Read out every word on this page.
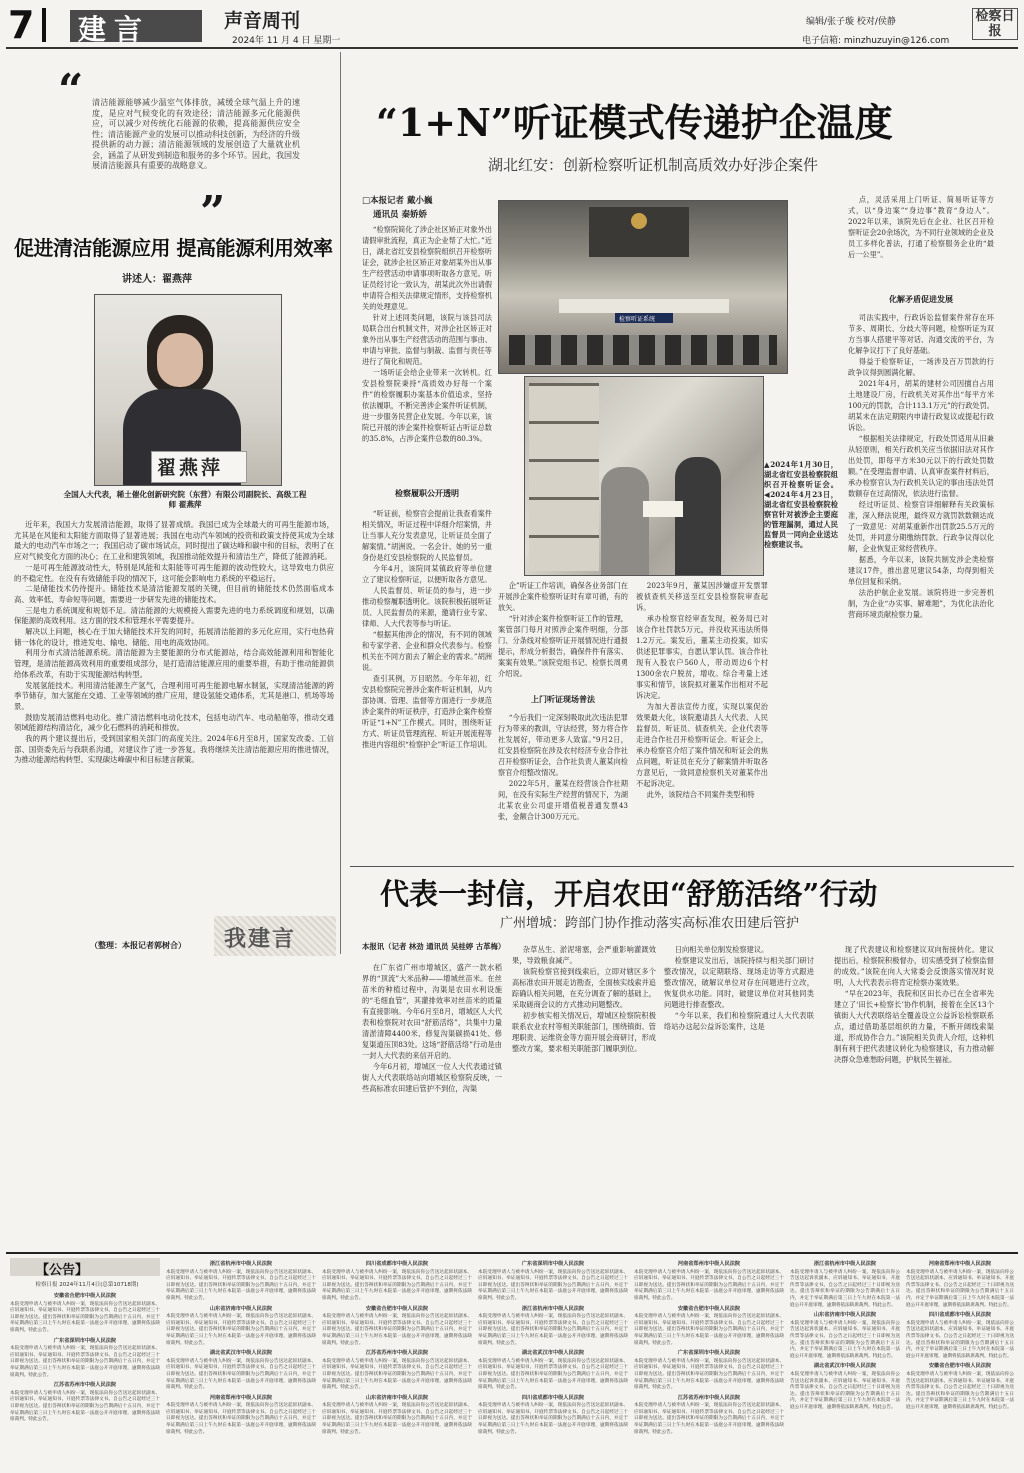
7	建言	声音周刊
2024年 11 月 4 日 星期一
编辑/张子璇 校对/侯静
电子信箱: minzhuzuyin@126.com
检察日报
“ 清洁能源能够减少温室气体排放，减缓全球气温上升的速度，是应对气候变化的有效途径；清洁能源多元化能源供应，可以减少对传统化石能源的依赖，提高能源供应安全性；清洁能源产业的发展可以推动科技创新，为经济的升级提供新的动力源；清洁能源领域的发展创造了大量就业机会，涵盖了从研发到制造和服务的多个环节。因此，我国发展清洁能源具有重要的战略意义。
”
促进清洁能源应用 提高能源利用效率
讲述人：翟燕萍
翟燕萍
全国人大代表，稀土催化创新研究院（东营）有限公司副院长、高级工程师 翟燕萍

近年来，我国大力发展清洁能源，取得了显著成绩。我国已成为全球最大的可再生能源市场，尤其是在风能和太阳能方面取得了显著进展；我国在电动汽车领域的投资和政策支持使其成为全球最大的电动汽车市场之一；我国启动了碳市场试点，同时提出了碳达峰和碳中和的目标，表明了在应对气候变化方面的决心；在工业和建筑领域，我国推动能效提升和清洁生产，降低了能源消耗。

一是可再生能源波动性大，特别是风能和太阳能等可再生能源的波动性较大，这导致电力供应的不稳定性。在没有有效储能手段的情况下，这可能会影响电力系统的平稳运行。

二是储能技术仍待提升。储能技术是清洁能源发展的关键，但目前的储能技术仍然面临成本高、效率低、寿命短等问题，需要进一步研发先进的储能技术。

三是电力系统调度和规划不足。清洁能源的大规模接入需要先进的电力系统调度和规划，以确保能源的高效利用。这方面的技术和管理水平需要提升。

解决以上问题，核心在于加大储能技术开发的同时，拓展清洁能源的多元化应用，实行电热荷储一体化的设计，推进发电、输电、储能、用电的高效协同。

利用分布式清洁能源系统。清洁能源为主要能源的分布式能源站，结合高效能源利用和智能化管理，是清洁能源高效利用的重要组成部分，是打造清洁能源应用的重要举措，有助于推动能源供给体系改革，有助于实现能源结构转型。

发展氢能技术。利用清洁能源生产氢气，合理利用可再生能源电解水制氢，实现清洁能源的跨季节储存，加大氢能在交通、工业等领域的推广应用，建设氢能交通体系，尤其是港口、机场等场景。

鼓励发展清洁燃料电动化。推广清洁燃料电动化技术，包括电动汽车、电动船舶等，推动交通领域能源结构清洁化，减少化石燃料的消耗和排放。

我的两个建议提出后，受到国家相关部门的高度关注。2024年6月至8月，国家发改委、工信部、国资委先后与我联系沟通，对建议作了进一步答复。我将继续关注清洁能源应用的推进情况，为推动能源结构转型、实现碳达峰碳中和目标建言献策。

（整理：本报记者郭树合） 我建言
“1+N”听证模式传递护企温度
湖北红安：创新检察听证机制高质效办好涉企案件
□本报记者 戴小巍
通讯员 秦娇娇

“检察院简化了涉企社区矫正对象外出请假审批流程，真正为企业帮了大忙。”近日，湖北省红安县检察院组织召开检察听证会，就涉企社区矫正对象胡某外出从事生产经营活动申请事项听取各方意见。听证员经讨论一致认为，胡某此次外出请假申请符合相关法律规定情形，支持检察机关的处理意见。

针对上述同类问题，该院与该县司法局联合出台机制文件，对涉企社区矫正对象外出从事生产经营活动的范围与事由、申请与审批、监督与制裁、监督与责任等进行了简化和规范。

一场听证会给企业带来一次转机。红安县检察院秉持“高质效办好每一个案件”的检察履职办案基本价值追求，坚持依法履职，不断完善涉企案件听证机制，进一步服务民营企业发展。今年以来，该院已开展的涉企案件检察听证占听证总数的35.8%，占涉企案件总数的80.3%。

检察履职公开透明

“听证前，检察官会提前让我查看案件相关情况，听证过程中详细介绍案情，并让当事人充分发表意见，让听证员全面了解案情。”胡洲说。一名会计、她的另一重身份是红安县检察院的人民监督员。

今年4月，该院同某镇政府等单位建立了建议检察听证，以便听取各方意见。

人民监督员、听证员的参与，进一步推动检察履职透明化。该院积极拓展听证员、人民监督员的来源，邀请行业专家、律师、人大代表等参与听证。

“根据其他涉企的情况，有不同的领域和专家学者、企业和群众代表参与。检察机关在不同方面去了解企业的需求。”胡洲说。

查引其例，万目昭然。今年年初，红安县检察院完善涉企案件听证机制，从内部协调、管理、监督等方面进行一步规范涉企案件的听证秩序，打造涉企案件检察听证“1+N”工作模式。同时，围绕听证方式、听证员管理流程、听证开展流程等推进内容组织“检察护企”听证工作培训。

检察听证系统
▲2024年1月30日，湖北省红安县检察院组织召开检察听证会。 ◀2024年4月23日，湖北省红安县检察院检察官针对被涉企主要庭的管理漏洞，通过人民监督员一同向企业送达检察建议书。

企”听证工作培训，确保各业务部门在开展涉企案件检察听证时有章可循，有的放矢。

“针对涉企案件检察听证工作的管理，案管部门每月对照涉企案件明细，分部门、分条线对检察听证开展情况进行通报提示，形成分析报告，确保件件有落实、案案有效果。”该院党组书记、检察长周勇介绍说。

上门听证现场普法

“今后我们一定深刻吸取此次违法犯罪行为带来的教训，守法经营，努力将合作社发展好，带动更多人致富。”9月2日，红安县检察院在涉及农村经济专业合作社召开检察听证会，合作社负责人董某向检察官介绍整改情况。

2022年5月，董某在经营该合作社期间，在没有实际生产经营的情况下，为湖北某农业公司虚开增值税普通发票43张，金额合计300万元元。

2023年9月，董某因涉嫌虚开发票罪被侦查机关移送至红安县检察院审查起诉。

承办检察官经审查发现，税务局已对该合作社罚款5万元，并没收其违法所得1.2万元。案发后，董某主动投案，如实供述犯罪事实，自愿认罪认罚。该合作社现有入股农户560人，带动周边6个村1300余农户脱贫，增收。综合考量上述事实和情节，该院拟对董某作出相对不起诉决定。

为加大普法宣传力度，实现以案促治效果最大化，该院邀请县人大代表、人民监督员、听证员、侦查机关、企业代表等走进合作社召开检察听证会。听证会上，承办检察官介绍了案件情况和听证会的焦点问题，听证员在充分了解案情并听取各方意见后，一致同意检察机关对董某作出不起诉决定。

此外，该院结合不同案件类型和特

点，灵活采用上门听证、简易听证等方式，以“身边案”“身边事”教育“身边人”。2022年以来，该院先后在企业、社区召开检察听证会20余场次，为不同行业领域的企业及员工多样化普法，打通了检察服务企业的“最后一公里”。

化解矛盾促进发展

司法实践中，行政诉讼监督案件常存在环节多、周期长、分歧大等问题，检察听证为双方当事人搭建平等对话、沟通交流的平台，为化解争议打下了良好基础。

得益于检察听证，一场涉及百万罚款的行政争议得到圆满化解。

2021年4月，胡某的建材公司因擅自占用土地建设厂房，行政机关对其作出“每平方米100元的罚款，合计113.1万元”的行政处罚。胡某未在法定期限内申请行政复议或提起行政诉讼。

“根据相关法律规定，行政处罚适用从旧兼从轻原则，相关行政机关应当依据旧法对其作出处罚，即每平方米30元以下的行政处罚数额。”在受理监督申请、认真审查案件材料后，承办检察官认为行政机关认定的事由违法处罚数额存在过高情况，依法进行监督。

经过听证员、检察官详细解释有关政策标准，深入释法说理，最终双方就罚款数额达成了一致意见：对胡某重新作出罚款25.5万元的处罚，并同意分期缴纳罚款。行政争议得以化解，企业恢复正常经营秩序。

据悉，今年以来，该院共制发涉企类检察建议17件，推出意见建议54条，均得到相关单位回复和采纳。

法治护航企业发展。该院将进一步完善机制，为企业“办实事、解难题”，为优化法治化营商环境贡献检察力量。

代表一封信，开启农田“舒筋活络”行动
广州增城：跨部门协作推动落实高标准农田建后管护
本报讯（记者 林劲 通讯员 吴桂婷 古革梅）

在广东省广州市增城区，盛产一款水稻界的“顶流”大米品种——增城丝苗米。在丝苗米的种植过程中，沟渠是农田水利设施的“毛细血管”，其灌排效率对丝苗米的质量有直接影响。今年6月至8月，增城区人大代表和检察院对农田“舒筋活络”，共集中力量清淤清障4400米、修复沟渠碳损41处、修复渠道压顶83处。这场“舒筋活络”行动是由一封人大代表的来信开启的。

今年6月初，增城区一位人大代表通过镇街人大代表联络站向增城区检察院反映，一些高标准农田建后管护不到位，沟渠

杂草丛生、淤泥堵塞，会严重影响灌溉效果，导致粮食减产。

该院检察官接到线索后，立即对辖区多个高标准农田开展走访勘查，全面核实线索并追踪确认相关问题，在充分调查了解的基础上，采取磋商会议的方式推动问题整改。

初步核实相关情况后，增城区检察院积极联系农业农村等相关职能部门，围绕镇街、管理职责、运维资金等方面开展会商研讨，形成整改方案，要求相关职能部门履职到位。

日向相关单位制发检察建议。

检察建议发出后，该院持续与相关部门研讨整改情况，以定期联络、现场走访等方式跟进整改情况，破解议单位对存在问题进行立改，恢复供水功能。同时，破建议单位对其他同类问题进行排查整改。

“今年以来，我们和检察院通过人大代表联络站办这起公益诉讼案件，这是

现了代表建议和检察建议双向衔接转化。建议提出后，检察院积极督办，切实感受到了检察监督的成效。”该院在向人大常委会反馈落实情况时说明，人大代表表示将肯定检察办案效果。

“早在2023年，我院和区田长办已在全省率先建立了‘田长+检察长’协作机制，接着在全区13个镇街人大代表联络站全覆盖设立公益诉讼检察联系点，通过借助基层组织的力量，不断开阔线索渠道，形成协作合力。”该院相关负责人介绍，这种机制有利于把代表建议转化为检察建议，有力推动解决群众急难愁盼问题，护航民生福祉。

【公告】
检察日报 2024年11月4日(总第10718期)
安徽省合肥市中级人民法院
本院受理申请人与被申请人纠纷一案，现依法向你公告送达起诉状副本、应诉通知书、举证通知书、开庭传票等法律文书。自公告之日起经过三十日即视为送达。提出答辩状和举证的期限为公告期满后十五日内，并定于举证期满后第三日上午九时在本院第一法庭公开开庭审理，逾期将依法缺席裁判。特此公告。
广东省深圳市中级人民法院
本院受理申请人与被申请人纠纷一案，现依法向你公告送达起诉状副本、应诉通知书、举证通知书、开庭传票等法律文书。自公告之日起经过三十日即视为送达。提出答辩状和举证的期限为公告期满后十五日内，并定于举证期满后第三日上午九时在本院第一法庭公开开庭审理，逾期将依法缺席裁判。特此公告。
江苏省苏州市中级人民法院
本院受理申请人与被申请人纠纷一案，现依法向你公告送达起诉状副本、应诉通知书、举证通知书、开庭传票等法律文书。自公告之日起经过三十日即视为送达。提出答辩状和举证的期限为公告期满后十五日内，并定于举证期满后第三日上午九时在本院第一法庭公开开庭审理，逾期将依法缺席裁判。特此公告。
浙江省杭州市中级人民法院
本院受理申请人与被申请人纠纷一案，现依法向你公告送达起诉状副本、应诉通知书、举证通知书、开庭传票等法律文书。自公告之日起经过三十日即视为送达。提出答辩状和举证的期限为公告期满后十五日内，并定于举证期满后第三日上午九时在本院第一法庭公开开庭审理，逾期将依法缺席裁判。特此公告。
山东省济南市中级人民法院
本院受理申请人与被申请人纠纷一案，现依法向你公告送达起诉状副本、应诉通知书、举证通知书、开庭传票等法律文书。自公告之日起经过三十日即视为送达。提出答辩状和举证的期限为公告期满后十五日内，并定于举证期满后第三日上午九时在本院第一法庭公开开庭审理，逾期将依法缺席裁判。特此公告。
湖北省武汉市中级人民法院
本院受理申请人与被申请人纠纷一案，现依法向你公告送达起诉状副本、应诉通知书、举证通知书、开庭传票等法律文书。自公告之日起经过三十日即视为送达。提出答辩状和举证的期限为公告期满后十五日内，并定于举证期满后第三日上午九时在本院第一法庭公开开庭审理，逾期将依法缺席裁判。特此公告。
河南省郑州市中级人民法院
本院受理申请人与被申请人纠纷一案，现依法向你公告送达起诉状副本、应诉通知书、举证通知书、开庭传票等法律文书。自公告之日起经过三十日即视为送达。提出答辩状和举证的期限为公告期满后十五日内，并定于举证期满后第三日上午九时在本院第一法庭公开开庭审理，逾期将依法缺席裁判。特此公告。
四川省成都市中级人民法院
本院受理申请人与被申请人纠纷一案，现依法向你公告送达起诉状副本、应诉通知书、举证通知书、开庭传票等法律文书。自公告之日起经过三十日即视为送达。提出答辩状和举证的期限为公告期满后十五日内，并定于举证期满后第三日上午九时在本院第一法庭公开开庭审理，逾期将依法缺席裁判。特此公告。
安徽省合肥市中级人民法院
本院受理申请人与被申请人纠纷一案，现依法向你公告送达起诉状副本、应诉通知书、举证通知书、开庭传票等法律文书。自公告之日起经过三十日即视为送达。提出答辩状和举证的期限为公告期满后十五日内，并定于举证期满后第三日上午九时在本院第一法庭公开开庭审理，逾期将依法缺席裁判。特此公告。
江苏省苏州市中级人民法院
本院受理申请人与被申请人纠纷一案，现依法向你公告送达起诉状副本、应诉通知书、举证通知书、开庭传票等法律文书。自公告之日起经过三十日即视为送达。提出答辩状和举证的期限为公告期满后十五日内，并定于举证期满后第三日上午九时在本院第一法庭公开开庭审理，逾期将依法缺席裁判。特此公告。
山东省济南市中级人民法院
本院受理申请人与被申请人纠纷一案，现依法向你公告送达起诉状副本、应诉通知书、举证通知书、开庭传票等法律文书。自公告之日起经过三十日即视为送达。提出答辩状和举证的期限为公告期满后十五日内，并定于举证期满后第三日上午九时在本院第一法庭公开开庭审理，逾期将依法缺席裁判。特此公告。
广东省深圳市中级人民法院
本院受理申请人与被申请人纠纷一案，现依法向你公告送达起诉状副本、应诉通知书、举证通知书、开庭传票等法律文书。自公告之日起经过三十日即视为送达。提出答辩状和举证的期限为公告期满后十五日内，并定于举证期满后第三日上午九时在本院第一法庭公开开庭审理，逾期将依法缺席裁判。特此公告。
浙江省杭州市中级人民法院
本院受理申请人与被申请人纠纷一案，现依法向你公告送达起诉状副本、应诉通知书、举证通知书、开庭传票等法律文书。自公告之日起经过三十日即视为送达。提出答辩状和举证的期限为公告期满后十五日内，并定于举证期满后第三日上午九时在本院第一法庭公开开庭审理，逾期将依法缺席裁判。特此公告。
湖北省武汉市中级人民法院
本院受理申请人与被申请人纠纷一案，现依法向你公告送达起诉状副本、应诉通知书、举证通知书、开庭传票等法律文书。自公告之日起经过三十日即视为送达。提出答辩状和举证的期限为公告期满后十五日内，并定于举证期满后第三日上午九时在本院第一法庭公开开庭审理，逾期将依法缺席裁判。特此公告。
四川省成都市中级人民法院
本院受理申请人与被申请人纠纷一案，现依法向你公告送达起诉状副本、应诉通知书、举证通知书、开庭传票等法律文书。自公告之日起经过三十日即视为送达。提出答辩状和举证的期限为公告期满后十五日内，并定于举证期满后第三日上午九时在本院第一法庭公开开庭审理，逾期将依法缺席裁判。特此公告。
河南省郑州市中级人民法院
本院受理申请人与被申请人纠纷一案，现依法向你公告送达起诉状副本、应诉通知书、举证通知书、开庭传票等法律文书。自公告之日起经过三十日即视为送达。提出答辩状和举证的期限为公告期满后十五日内，并定于举证期满后第三日上午九时在本院第一法庭公开开庭审理，逾期将依法缺席裁判。特此公告。
安徽省合肥市中级人民法院
本院受理申请人与被申请人纠纷一案，现依法向你公告送达起诉状副本、应诉通知书、举证通知书、开庭传票等法律文书。自公告之日起经过三十日即视为送达。提出答辩状和举证的期限为公告期满后十五日内，并定于举证期满后第三日上午九时在本院第一法庭公开开庭审理，逾期将依法缺席裁判。特此公告。
广东省深圳市中级人民法院
本院受理申请人与被申请人纠纷一案，现依法向你公告送达起诉状副本、应诉通知书、举证通知书、开庭传票等法律文书。自公告之日起经过三十日即视为送达。提出答辩状和举证的期限为公告期满后十五日内，并定于举证期满后第三日上午九时在本院第一法庭公开开庭审理，逾期将依法缺席裁判。特此公告。
江苏省苏州市中级人民法院
本院受理申请人与被申请人纠纷一案，现依法向你公告送达起诉状副本、应诉通知书、举证通知书、开庭传票等法律文书。自公告之日起经过三十日即视为送达。提出答辩状和举证的期限为公告期满后十五日内，并定于举证期满后第三日上午九时在本院第一法庭公开开庭审理，逾期将依法缺席裁判。特此公告。
浙江省杭州市中级人民法院
本院受理申请人与被申请人纠纷一案，现依法向你公告送达起诉状副本、应诉通知书、举证通知书、开庭传票等法律文书。自公告之日起经过三十日即视为送达。提出答辩状和举证的期限为公告期满后十五日内，并定于举证期满后第三日上午九时在本院第一法庭公开开庭审理，逾期将依法缺席裁判。特此公告。
山东省济南市中级人民法院
本院受理申请人与被申请人纠纷一案，现依法向你公告送达起诉状副本、应诉通知书、举证通知书、开庭传票等法律文书。自公告之日起经过三十日即视为送达。提出答辩状和举证的期限为公告期满后十五日内，并定于举证期满后第三日上午九时在本院第一法庭公开开庭审理，逾期将依法缺席裁判。特此公告。
湖北省武汉市中级人民法院
本院受理申请人与被申请人纠纷一案，现依法向你公告送达起诉状副本、应诉通知书、举证通知书、开庭传票等法律文书。自公告之日起经过三十日即视为送达。提出答辩状和举证的期限为公告期满后十五日内，并定于举证期满后第三日上午九时在本院第一法庭公开开庭审理，逾期将依法缺席裁判。特此公告。
河南省郑州市中级人民法院
本院受理申请人与被申请人纠纷一案，现依法向你公告送达起诉状副本、应诉通知书、举证通知书、开庭传票等法律文书。自公告之日起经过三十日即视为送达。提出答辩状和举证的期限为公告期满后十五日内，并定于举证期满后第三日上午九时在本院第一法庭公开开庭审理，逾期将依法缺席裁判。特此公告。
四川省成都市中级人民法院
本院受理申请人与被申请人纠纷一案，现依法向你公告送达起诉状副本、应诉通知书、举证通知书、开庭传票等法律文书。自公告之日起经过三十日即视为送达。提出答辩状和举证的期限为公告期满后十五日内，并定于举证期满后第三日上午九时在本院第一法庭公开开庭审理，逾期将依法缺席裁判。特此公告。
安徽省合肥市中级人民法院
本院受理申请人与被申请人纠纷一案，现依法向你公告送达起诉状副本、应诉通知书、举证通知书、开庭传票等法律文书。自公告之日起经过三十日即视为送达。提出答辩状和举证的期限为公告期满后十五日内，并定于举证期满后第三日上午九时在本院第一法庭公开开庭审理，逾期将依法缺席裁判。特此公告。
